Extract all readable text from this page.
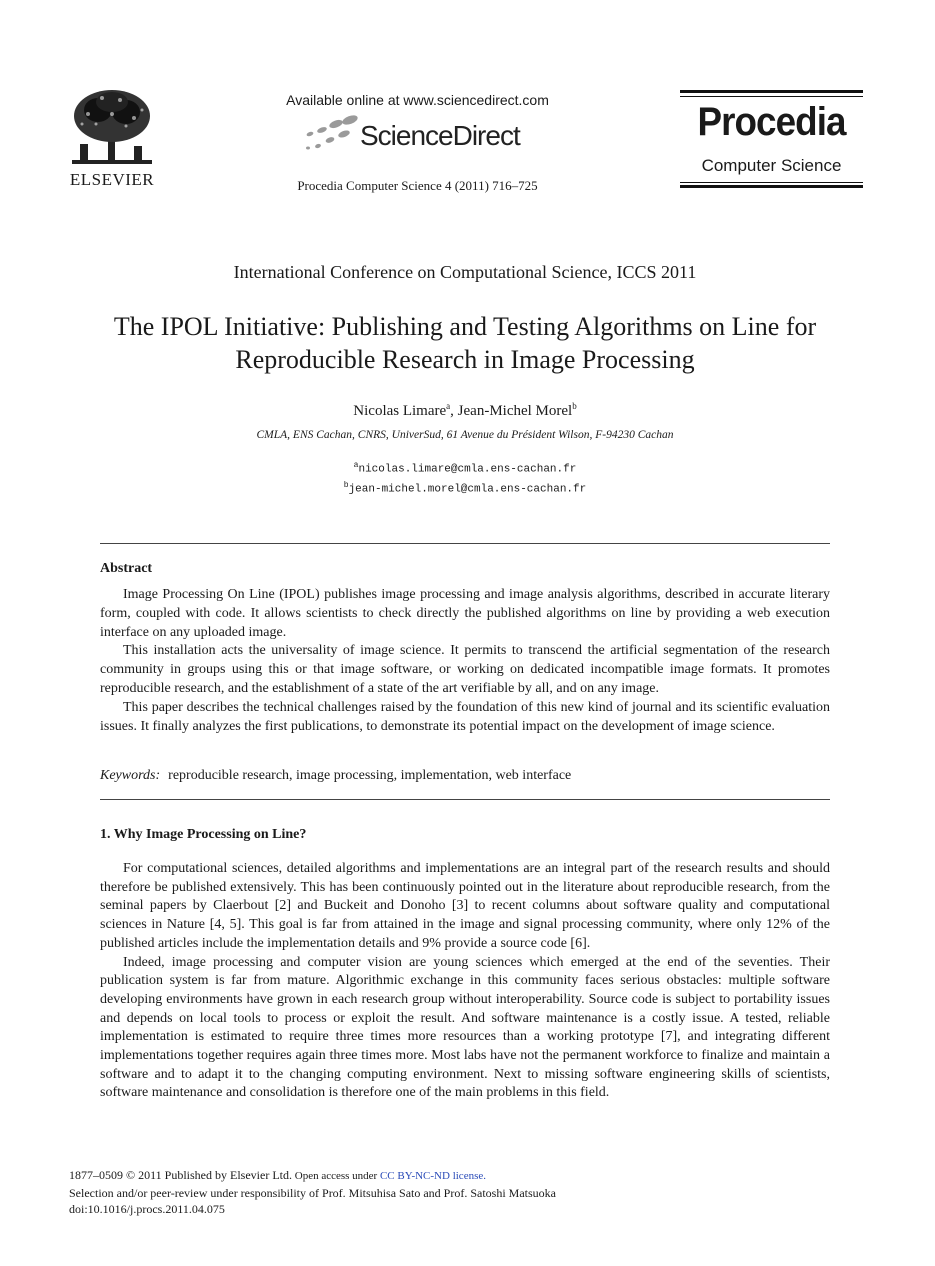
ELSEVIER
Available online at www.sciencedirect.com
ScienceDirect
Procedia Computer Science 4 (2011) 716–725
Procedia
Computer Science
International Conference on Computational Science, ICCS 2011
The IPOL Initiative: Publishing and Testing Algorithms on Line for
Reproducible Research in Image Processing
Nicolas Limare$^a$, Jean-Michel Morel$^b$
CMLA, ENS Cachan, CNRS, UniverSud, 61 Avenue du Président Wilson, F-94230 Cachan
$^a$nicolas.limare@cmla.ens-cachan.fr
$^b$jean-michel.morel@cmla.ens-cachan.fr
Abstract

Image Processing On Line (IPOL) publishes image processing and image analysis algorithms, described in accurate literary form, coupled with code. It allows scientists to check directly the published algorithms on line by providing a web execution interface on any uploaded image.

This installation acts the universality of image science. It permits to transcend the artificial segmentation of the research community in groups using this or that image software, or working on dedicated incompatible image formats. It promotes reproducible research, and the establishment of a state of the art verifiable by all, and on any image.

This paper describes the technical challenges raised by the foundation of this new kind of journal and its scientific evaluation issues. It finally analyzes the first publications, to demonstrate its potential impact on the development of image science.

Keywords: reproducible research, image processing, implementation, web interface
1. Why Image Processing on Line?

For computational sciences, detailed algorithms and implementations are an integral part of the research results and should therefore be published extensively. This has been continuously pointed out in the literature about reproducible research, from the seminal papers by Claerbout [2] and Buckeit and Donoho [3] to recent columns about software quality and computational sciences in Nature [4, 5]. This goal is far from attained in the image and signal processing community, where only 12% of the published articles include the implementation details and 9% provide a source code [6].

Indeed, image processing and computer vision are young sciences which emerged at the end of the seventies. Their publication system is far from mature. Algorithmic exchange in this community faces serious obstacles: multiple software developing environments have grown in each research group without interoperability. Source code is subject to portability issues and depends on local tools to process or exploit the result. And software maintenance is a costly issue. A tested, reliable implementation is estimated to require three times more resources than a working prototype [7], and integrating different implementations together requires again three times more. Most labs have not the permanent workforce to finalize and maintain a software and to adapt it to the changing computing environment. Next to missing software engineering skills of scientists, software maintenance and consolidation is therefore one of the main problems in this field.

1877–0509 © 2011 Published by Elsevier Ltd. Open access under CC BY-NC-ND license.
Selection and/or peer-review under responsibility of Prof. Mitsuhisa Sato and Prof. Satoshi Matsuoka
doi:10.1016/j.procs.2011.04.075
